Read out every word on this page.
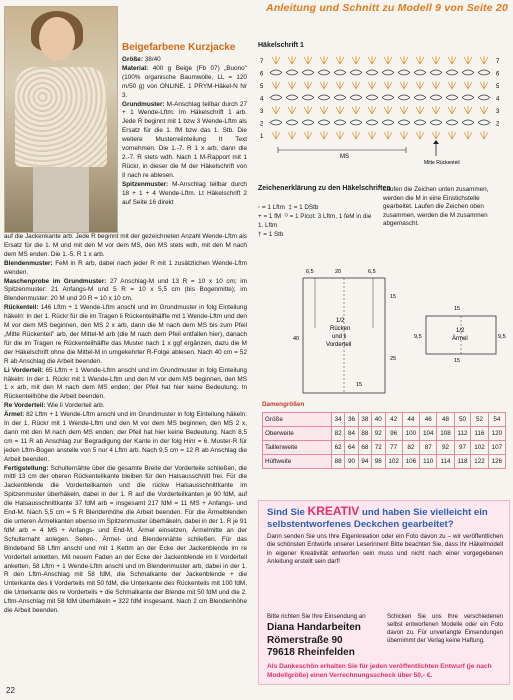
Anleitung und Schnitt zu Modell 9 von Seite 20
Beigefarbene Kurzjacke
Größe: 38/40
Material: 400 g Beige (Fb 07) „Buono" (100% organische Baumwolle, LL = 120 m/50 g) von ONLINE. 1 PRYM-Häkel-N Nr 3.
Grundmuster: M-Anschlag teilbar durch 27 + 1 Wende-Lftm. Im Häkelschrift 1 arb. Jede R beginnt mit 1 bzw 3 Wende-Lftm als Ersatz für die 1. fM bzw das 1. Stb. Die weitere Musterreiinteilung It Text vornehmen. Die 1.-7. R 1 x arb, dann die 2.-7. R stets wdh. Nach 1 M-Rapport mit 1 Rückr, in dieser die M der Häkelschrift von II nach re ablesen.
Spitzenmuster: M-Anschlag teilbar durch 18 + 1 + 4 Wende-Lftm. Lt Häkelschrift 2 auf Seite 16 direkt

auf die Jackenkante arb. Jede R beginnt mit der gezeichneten Anzahl Wende-Lftm als Ersatz für die 1. M und mit den M vor dem MS, den MS stets wdh, mit den M nach dem MS enden. Die 1.-5. R 1 x arb.

Blendenmuster: FeM in R arb, dabei nach jeder R mit 1 zusätzlichen Wende-Lftm wenden.

Maschenprobe im Grundmuster: 27 Anschlag-M und 13 R = 10 x 10 cm; im Spitzenmuster: 21 Anfangs-M und 5 R = 10 x 5,5 cm (bis Bogenmitte); im Blendenmuster: 20 M und 20 R = 10 x 10 cm.

Rückenteil: 146 Lftm + 1 Wende-Lftm anschl und im Grundmuster in folg Einteilung häkeln: In der 1. Rückr für die im Tragen li Rückenteilhälfte mit 1 Wende-Lftm und den M vor dem MS beginnen, den MS 2 x arb, dann die M nach dem MS bis zum Pfeil „Mitte Rückenteil" arb, der Mittel-M arb (die M nach dem Pfeil entfallen hier), danach für die im Tragen re Rückenteilhälfte das Muster nach 1 x ggf ergänzen, dazu die M der Häkelschrift ohne die Mittel-M in umgekehrter R-Folge ablesen. Nach 40 cm = 52 R ab Anschlag die Arbeit beenden.

Li Vorderteil: 65 Lftm + 1 Wende-Lftm anschl und im Grundmuster in folg Einteilung häkeln: In der 1. Rückr mit 1 Wende-Lftm und den M vor dem MS beginnen, den MS 1 x arb, mit den M nach dem MS enden; der Pfeil hat hier keine Bedeutung. In Rückenteilhöhe die Arbeit beenden.

Re Vorderteil: Wie li Vorderteil arb.

Ärmel: 82 Lftm + 1 Wende-Lftm anschl und im Grundmuster in folg Einteilung häkeln: In der 1. Rückr mit 1 Wende-Lftm und den M vor dem MS beginnen, den MS 2 x, dann mit den M nach dem MS enden; der Pfeil hat hier keine Bedeutung. Nach 8,5 cm = 11 R ab Anschlag zur Begradigung der Kante in der folg Hinr = 6. Muster-R für jeden Lftm-Bogen anstelle von 5 nur 4 Lftm arb. Nach 9,5 cm = 12 R ab Anschlag die Arbeit beenden.

Fertigstellung: Schulternähte über die gesamte Breite der Vorderteile schließen, die mittl 13 cm der oberen Rückenteilkante bleiben für den Halsausschnitt frei. Für die Jackenblende die Vorderteilkanten und die rückw Halsausschnittkante im Spitzenmuster überhäkeln, dabei in der 1. R auf die Vorderteilkanten je 90 fdM, auf die Halsausschnittkante 37 fdM arb = insgesamt 217 fdM = 11 MS + Anfangs- und End-M. Nach 5,5 cm = 5 R Blendenhöhe die Arbeit beenden. Für die Ärmelblenden die unteren Ärmelkanten ebenso im Spitzenmuster überhäkeln, dabei in der 1. R je 91 fdM arb = 4 MS + Anfangs- und End-M. Ärmel einsetzen, Ärmelmitte an der Schulternaht anlegen. Seiten-, Ärmel- und Blendennähte schließen. Für das Bindeband 58 Lftm anschl und mit 1 Kettm an der Ecke der Jackenblende im re Vorderteil anketten. Mit neuem Faden an der Ecke der Jackenblende im li Vorderteil anketten, 58 Lftm + 1 Wende-Lftm anschl und im Blendenmuster arb, dabei in der 1. R den Lftm-Anschlag mit 58 fdM, die Schmalkante der Jackenblende + die Unterkante des li Vorderteils mit 50 fdM, die Unterkante des Rückenteils mit 100 fdM, die Unterkante des re Vorderteils + die Schmalkante der Blende mit 50 fdM und die 2. Lftm-Anschlag mit 58 fdM überhäkeln = 322 fdM insgesamt. Nach 2 cm Blendenhöhe die Arbeit beenden.

Häkelschrift 1
7
6
5
4
3
2
1
7
6
5
4
3
2
MS
Mitte Rückenteil
Zeichenerklärung zu den Häkelschriften
◦ = 1 Lftm ‡ = 1 DStb
+ = 1 fM ᴼ = 1 Picot: 3 Lftm, 1 feM in die 1. Lftm
† = 1 Stb
Laufen die Zeichen unten zusammen, werden die M in eine Einstichstelle gearbeitet. Laufen die Zeichen oben zusammen, werden die M zusammen abgemascht.
6,5	20	6,5
40
15
25
15
1/2
Rücken
und li
Vorderteil
15
15
9,5	9,5
1/2
Ärmel
Damengrößen
Größe	34	36	38	40	42	44	46	48	50	52	54
Oberweite	82	84	88	92	96	100	104	108	112	116	120
Taillenweite	62	64	68	72	77	82	87	92	97	102	107
Hüftweite	88	90	94	98	102	106	110	114	118	122	126
Sind Sie KREATIV und haben Sie vielleicht ein selbstentworfenes Deckchen gearbeitet?
Dann senden Sie uns Ihre Eigenkreation oder ein Foto davon zu – wir veröffentlichen die schönsten Entwürfe unserer Leserinnen! Bitte beachten Sie, dass Ihr Häkelmodell in eigener Kreativität entworfen sein muss und nicht nach einer vorgegebenen Anleitung erstellt sein darf!
Bitte richten Sie Ihre Einsendung an
Diana Handarbeiten
Römerstraße 90
79618 Rheinfelden
Schicken Sie uns Ihre verschiedenen selbst entworfenen Modelle oder ein Foto davon zu. Für unverlangte Einsendungen übernimmt der Verlag keine Haftung.
Als Dankeschön erhalten Sie für jeden veröffentlichten Entwurf (je nach Modellgröße) einen Verrechnungsscheck über 50,- €.
22
